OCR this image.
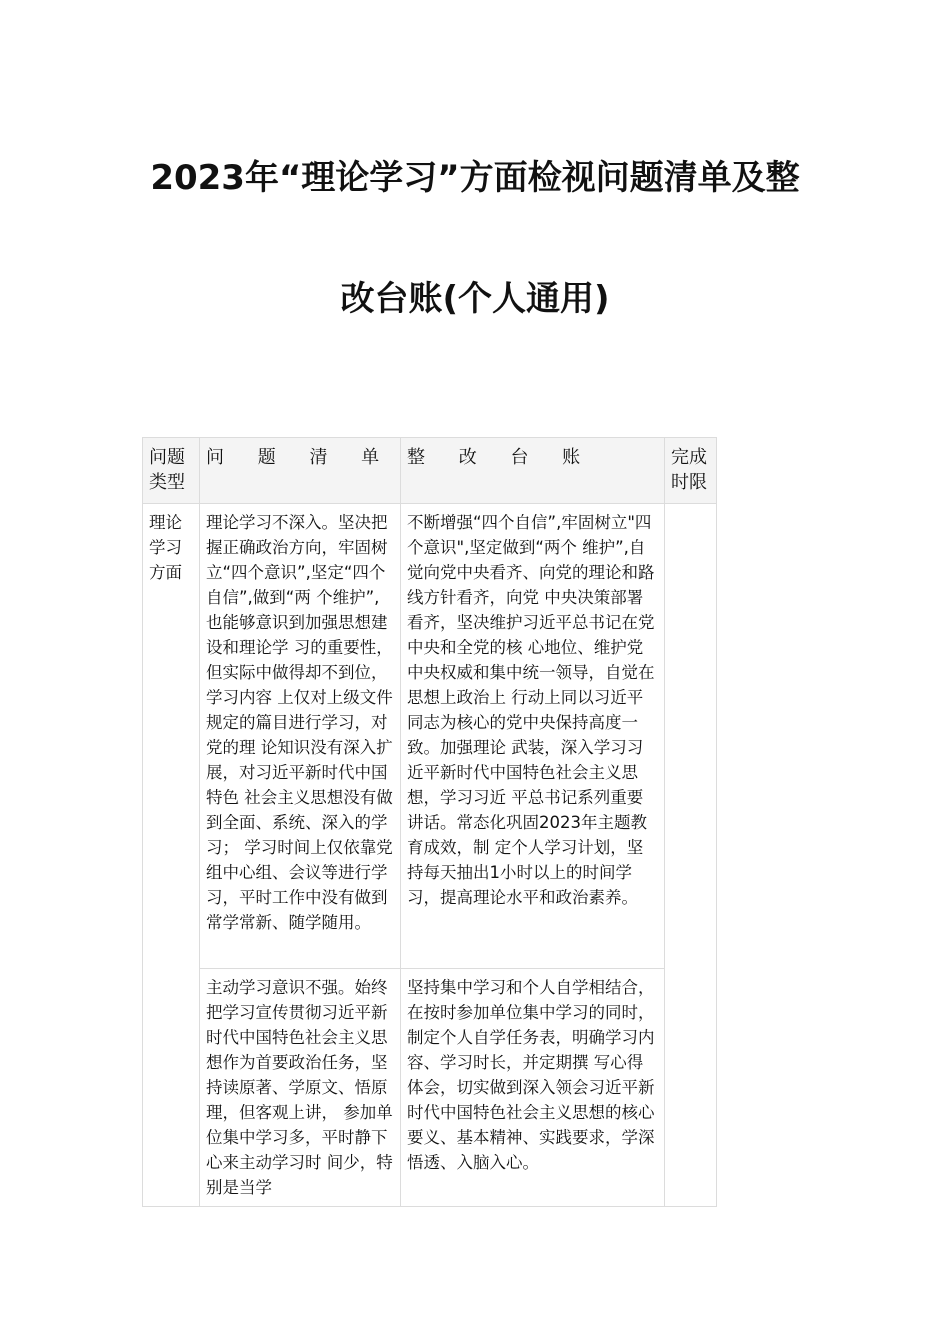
2023年“理论学习”方面检视问题清单及整
改台账(个人通用)
问题类型	问 题 清 单	整 改 台 账	完成时限
理论学习方面	理论学习不深入。坚决把握正确政治方向，牢固树立“四个意识”,坚定“四个自信”,做到“两 个维护”,也能够意识到加强思想建设和理论学 习的重要性，但实际中做得却不到位，学习内容 上仅对上级文件规定的篇目进行学习，对党的理 论知识没有深入扩展，对习近平新时代中国特色 社会主义思想没有做到全面、系统、深入的学习； 学习时间上仅依靠党组中心组、会议等进行学习，平时工作中没有做到常学常新、随学随用。	不断增强“四个自信”,牢固树立"四个意识",坚定做到“两个 维护”,自觉向党中央看齐、向党的理论和路线方针看齐，向党 中央决策部署看齐，坚决维护习近平总书记在党中央和全党的核 心地位、维护党中央权威和集中统一领导，自觉在思想上政治上 行动上同以习近平同志为核心的党中央保持高度一致。加强理论 武装，深入学习习近平新时代中国特色社会主义思想，学习习近 平总书记系列重要讲话。常态化巩固2023年主题教育成效，制 定个人学习计划，坚持每天抽出1小时以上的时间学习，提高理论水平和政治素养。	
	主动学习意识不强。始终把学习宣传贯彻习近平新时代中国特色社会主义思想作为首要政治任务，坚持读原著、学原文、悟原理，但客观上讲， 参加单位集中学习多，平时静下心来主动学习时 间少，特别是当学	坚持集中学习和个人自学相结合，在按时参加单位集中学习的同时，制定个人自学任务表，明确学习内容、学习时长，并定期撰 写心得体会，切实做到深入领会习近平新时代中国特色社会主义思想的核心要义、基本精神、实践要求，学深悟透、入脑入心。	
